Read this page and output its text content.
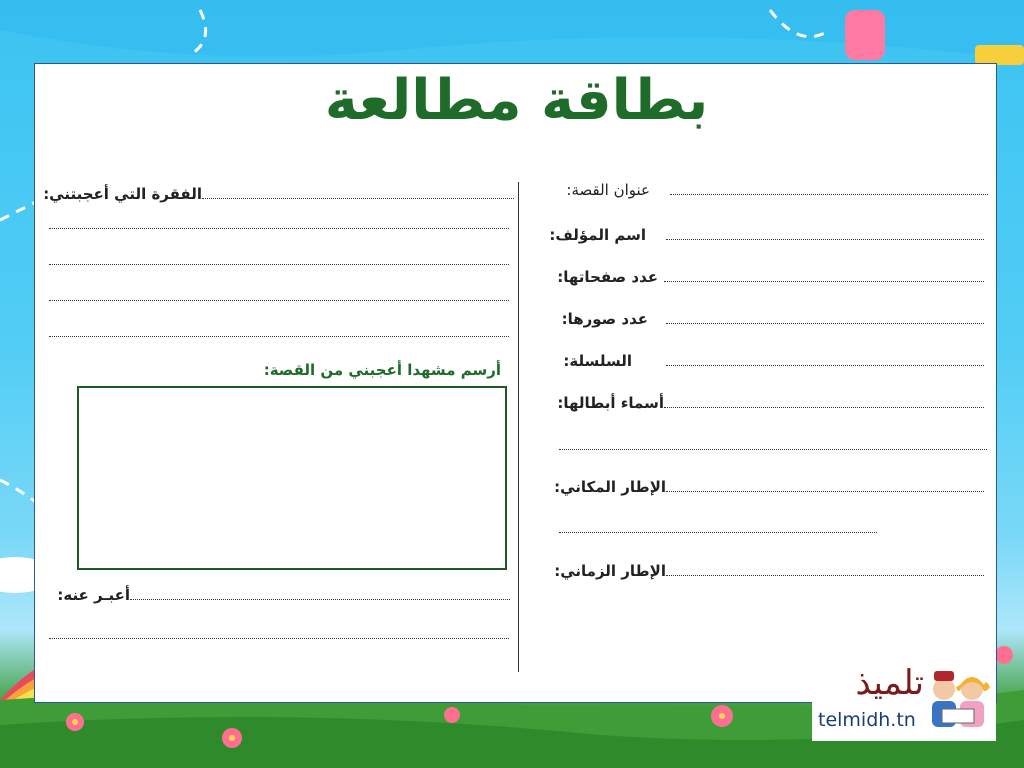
بطاقة مطالعة
عنوان القصة:
اسم المؤلف:
عدد صفحاتها:
عدد صورها:
السلسلة:
أسماء أبطالها:
الإطار المكاني:
الإطار الزماني:
الفقرة التي أعجبتني:
أرسم مشهدا أعجبني من القصة:
أعبـر عنه:
تلميذ
telmidh.tn
